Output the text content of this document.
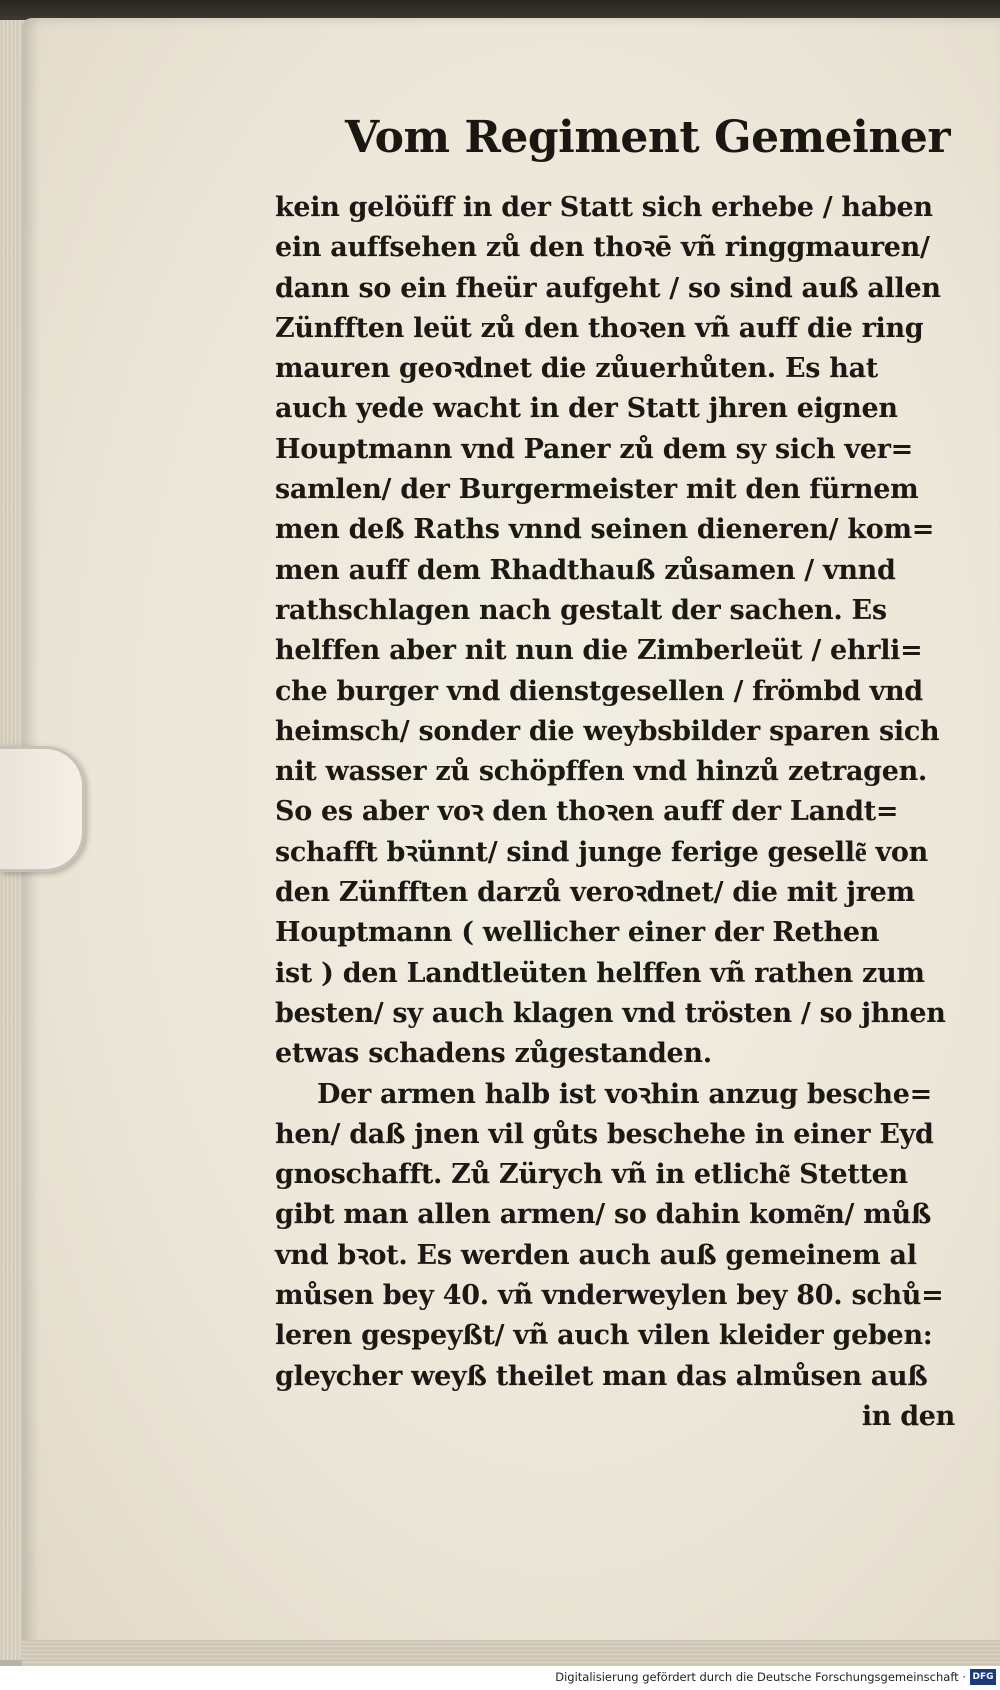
Vom Regiment Gemeiner
kein gelöüff in der Statt sich erhebe / haben
ein auffsehen zů den thoꝛē vñ ringgmauren/
dann so ein fheür aufgeht / so sind auß allen
Zünfften leüt zů den thoꝛen vñ auff die ring
mauren geoꝛdnet die zůuerhůten. Es hat
auch yede wacht in der Statt jhren eignen
Houptmann vnd Paner zů dem sy sich ver=
samlen/ der Burgermeister mit den fürnem
men deß Raths vnnd seinen dieneren/ kom=
men auff dem Rhadthauß zůsamen / vnnd
rathschlagen nach gestalt der sachen. Es
helffen aber nit nun die Zimberleüt / ehrli=
che burger vnd dienstgesellen / frömbd vnd
heimsch/ sonder die weybsbilder sparen sich
nit wasser zů schöpffen vnd hinzů zetragen.
So es aber voꝛ den thoꝛen auff der Landt=
schafft bꝛünnt/ sind junge ferige geselle͂ von
den Zünfften darzů veroꝛdnet/ die mit jrem
Houptmann ( wellicher einer der Rethen
ist ) den Landtleüten helffen vñ rathen zum
besten/ sy auch klagen vnd trösten / so jhnen
etwas schadens zůgestanden.
Der armen halb ist voꝛhin anzug besche=
hen/ daß jnen vil gůts beschehe in einer Eyd
gnoschafft. Zů Zürych vñ in etliche͂ Stetten
gibt man allen armen/ so dahin kome͂n/ můß
vnd bꝛot. Es werden auch auß gemeinem al
můsen bey 40. vñ vnderweylen bey 80. schů=
leren gespeyßt/ vñ auch vilen kleider geben:
gleycher weyß theilet man das almůsen auß
in den
Digitalisierung gefördert durch die Deutsche Forschungsgemeinschaft · DFG
